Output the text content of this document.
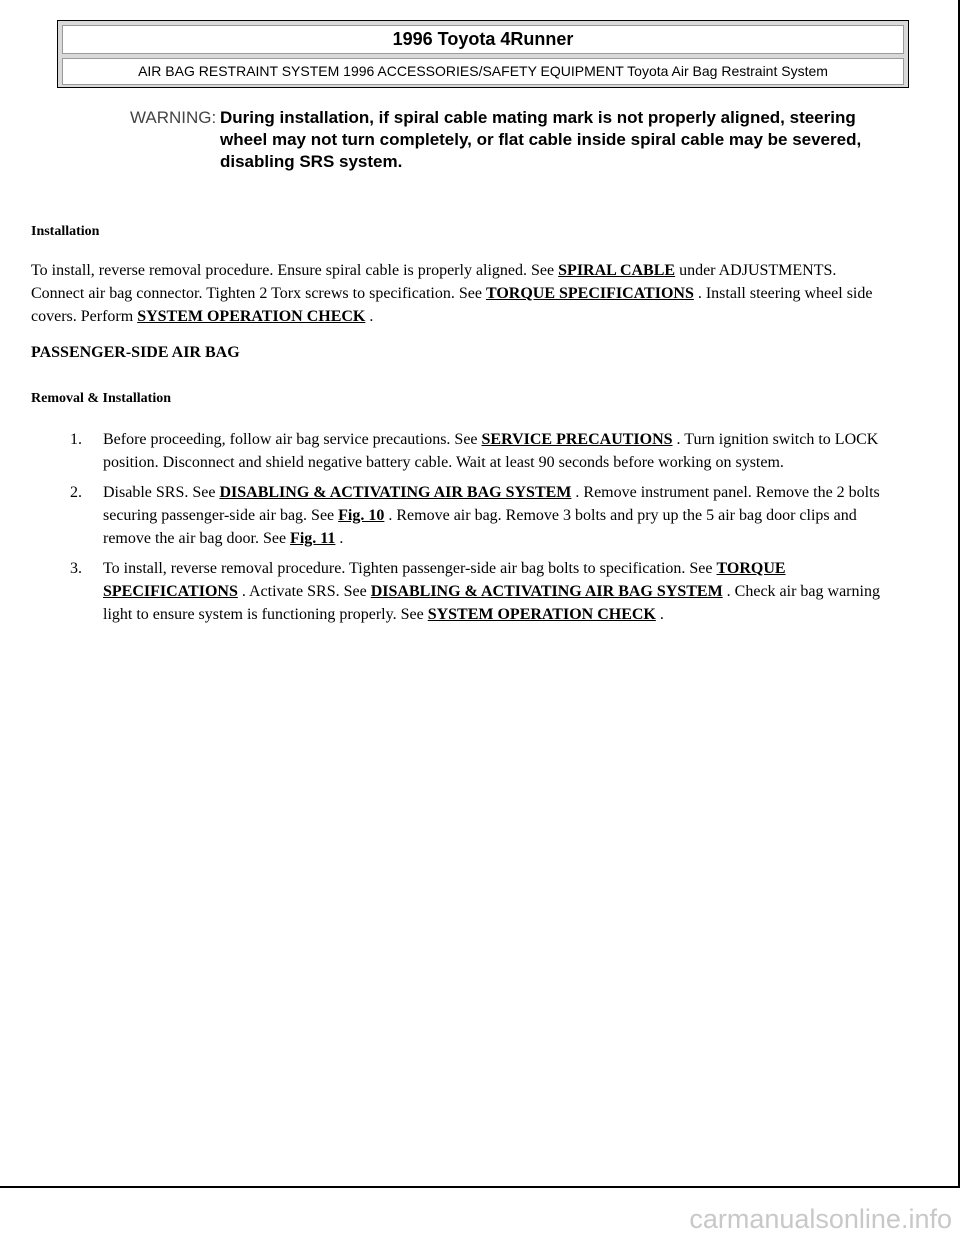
1996 Toyota 4Runner
AIR BAG RESTRAINT SYSTEM 1996 ACCESSORIES/SAFETY EQUIPMENT Toyota Air Bag Restraint System
WARNING: During installation, if spiral cable mating mark is not properly aligned, steering wheel may not turn completely, or flat cable inside spiral cable may be severed, disabling SRS system.
Installation
To install, reverse removal procedure. Ensure spiral cable is properly aligned. See SPIRAL CABLE under ADJUSTMENTS. Connect air bag connector. Tighten 2 Torx screws to specification. See TORQUE SPECIFICATIONS . Install steering wheel side covers. Perform SYSTEM OPERATION CHECK .
PASSENGER-SIDE AIR BAG
Removal & Installation
1. Before proceeding, follow air bag service precautions. See SERVICE PRECAUTIONS . Turn ignition switch to LOCK position. Disconnect and shield negative battery cable. Wait at least 90 seconds before working on system.
2. Disable SRS. See DISABLING & ACTIVATING AIR BAG SYSTEM . Remove instrument panel. Remove the 2 bolts securing passenger-side air bag. See Fig. 10 . Remove air bag. Remove 3 bolts and pry up the 5 air bag door clips and remove the air bag door. See Fig. 11 .
3. To install, reverse removal procedure. Tighten passenger-side air bag bolts to specification. See TORQUE SPECIFICATIONS . Activate SRS. See DISABLING & ACTIVATING AIR BAG SYSTEM . Check air bag warning light to ensure system is functioning properly. See SYSTEM OPERATION CHECK .
carmanualsonline.info
